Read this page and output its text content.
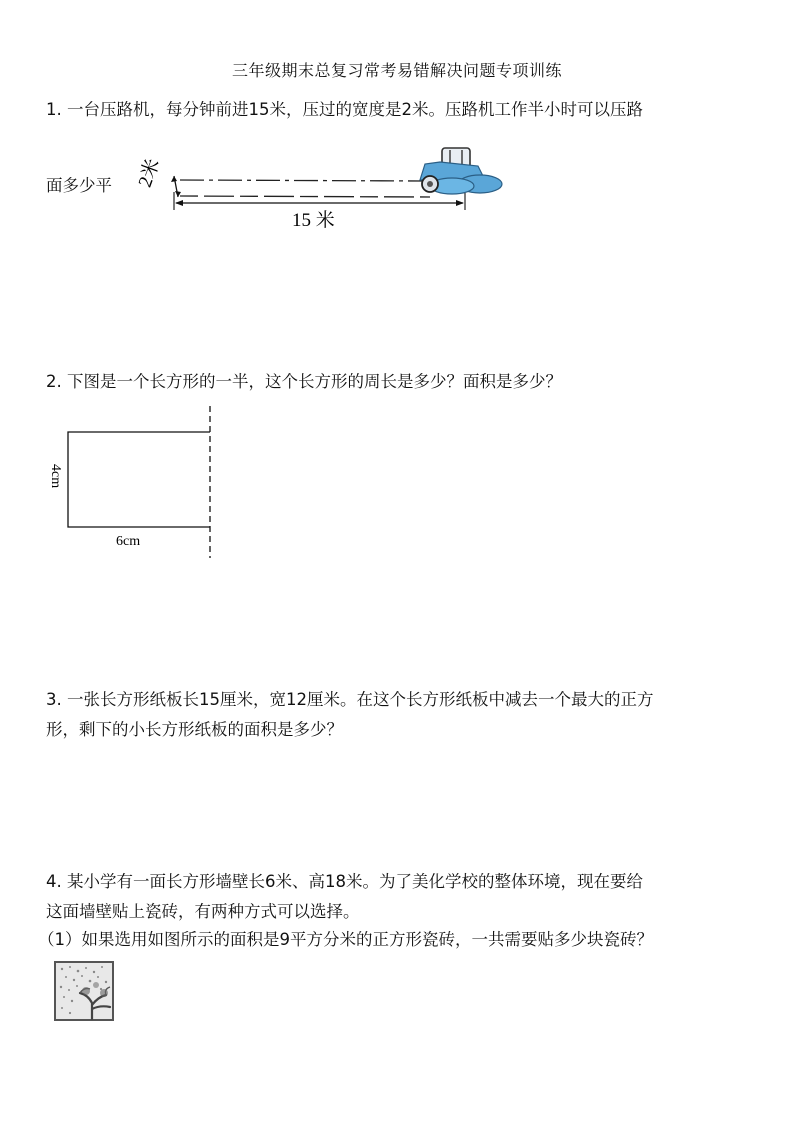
三年级期末总复习常考易错解决问题专项训练
1. 一台压路机，每分钟前进15米，压过的宽度是2米。压路机工作半小时可以压路
面多少平 2米
15 米
2. 下图是一个长方形的一半，这个长方形的周长是多少？面积是多少？
4cm
6cm
3. 一张长方形纸板长15厘米，宽12厘米。在这个长方形纸板中减去一个最大的正方
形，剩下的小长方形纸板的面积是多少？
4. 某小学有一面长方形墙壁长6米、高18米。为了美化学校的整体环境，现在要给
这面墙壁贴上瓷砖，有两种方式可以选择。
（1）如果选用如图所示的面积是9平方分米的正方形瓷砖，一共需要贴多少块瓷砖？
